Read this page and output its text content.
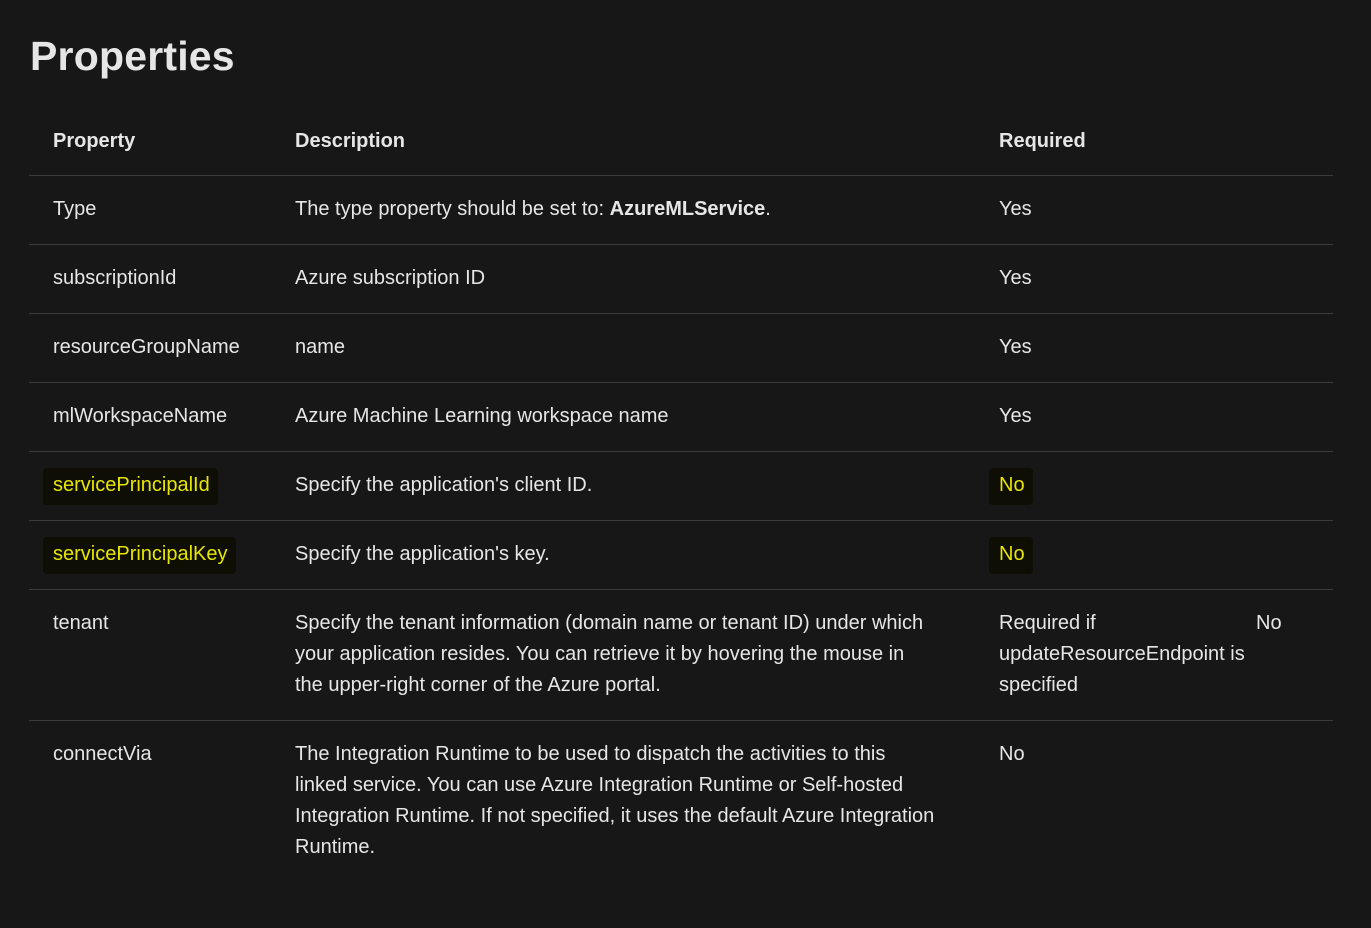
Properties
Property	Description	Required	
Type	The type property should be set to: AzureMLService.	Yes	
subscriptionId	Azure subscription ID	Yes	
resourceGroupName	name	Yes	
mlWorkspaceName	Azure Machine Learning workspace name	Yes	
servicePrincipalId	Specify the application's client ID.	No	
servicePrincipalKey	Specify the application's key.	No	
tenant	Specify the tenant information (domain name or tenant ID) under which your application resides. You can retrieve it by hovering the mouse in the upper-right corner of the Azure portal.	Required if updateResourceEndpoint is specified	No
connectVia	The Integration Runtime to be used to dispatch the activities to this linked service. You can use Azure Integration Runtime or Self-hosted Integration Runtime. If not specified, it uses the default Azure Integration Runtime.	No	
